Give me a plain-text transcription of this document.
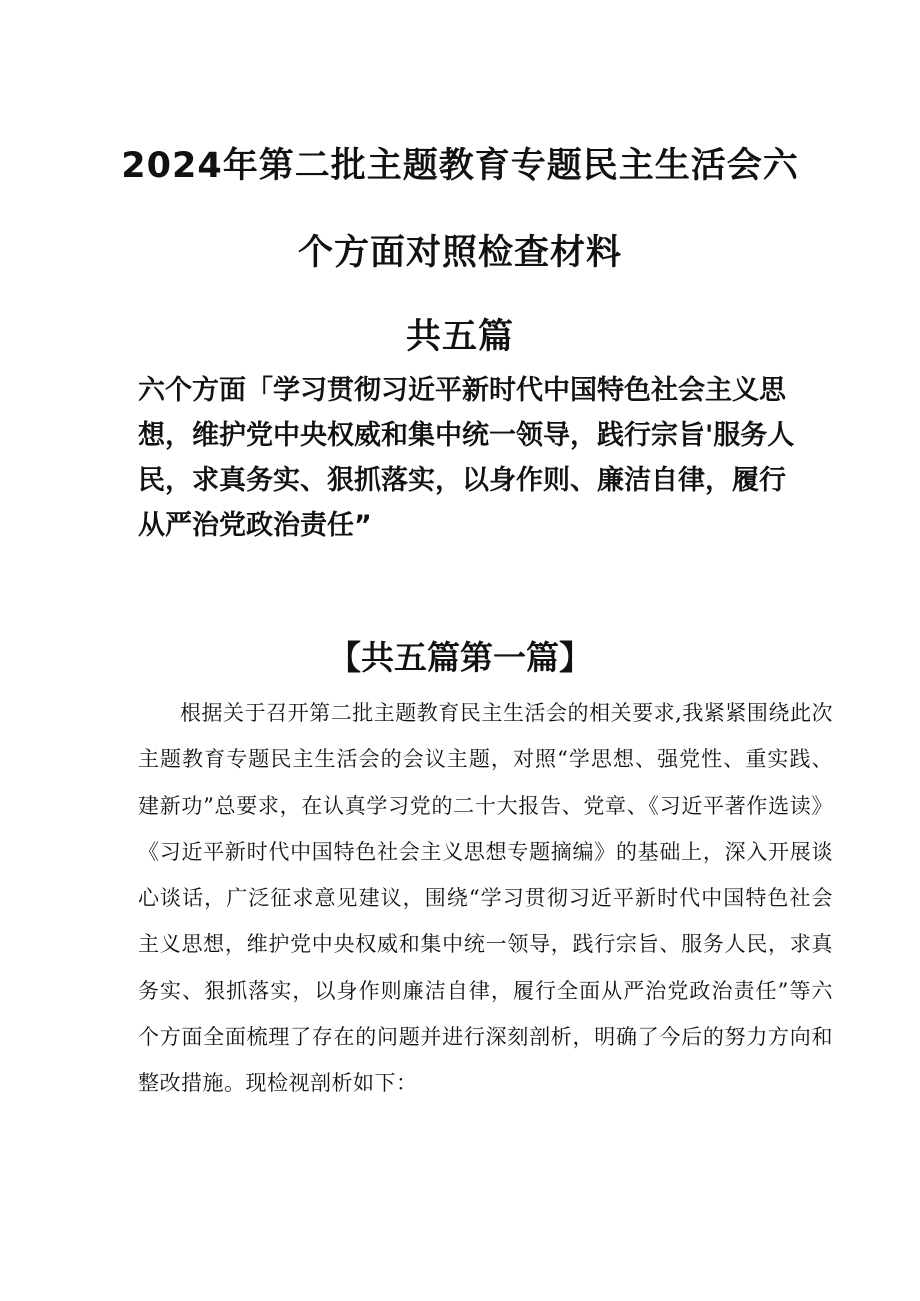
2024年第二批主题教育专题民主生活会六
个方面对照检查材料
共五篇
六个方面「学习贯彻习近平新时代中国特色社会主义思想，维护党中央权威和集中统一领导，践行宗旨'服务人民，求真务实、狠抓落实，以身作则、廉洁自律，履行从严治党政治责任”
【共五篇第一篇】
根据关于召开第二批主题教育民主生活会的相关要求,我紧紧围绕此次主题教育专题民主生活会的会议主题，对照“学思想、强党性、重实践、建新功”总要求，在认真学习党的二十大报告、党章、《习近平著作选读》《习近平新时代中国特色社会主义思想专题摘编》的基础上，深入开展谈心谈话，广泛征求意见建议，围绕“学习贯彻习近平新时代中国特色社会主义思想，维护党中央权威和集中统一领导，践行宗旨、服务人民，求真务实、狠抓落实，以身作则廉洁自律，履行全面从严治党政治责任”等六个方面全面梳理了存在的问题并进行深刻剖析，明确了今后的努力方向和整改措施。现检视剖析如下：
